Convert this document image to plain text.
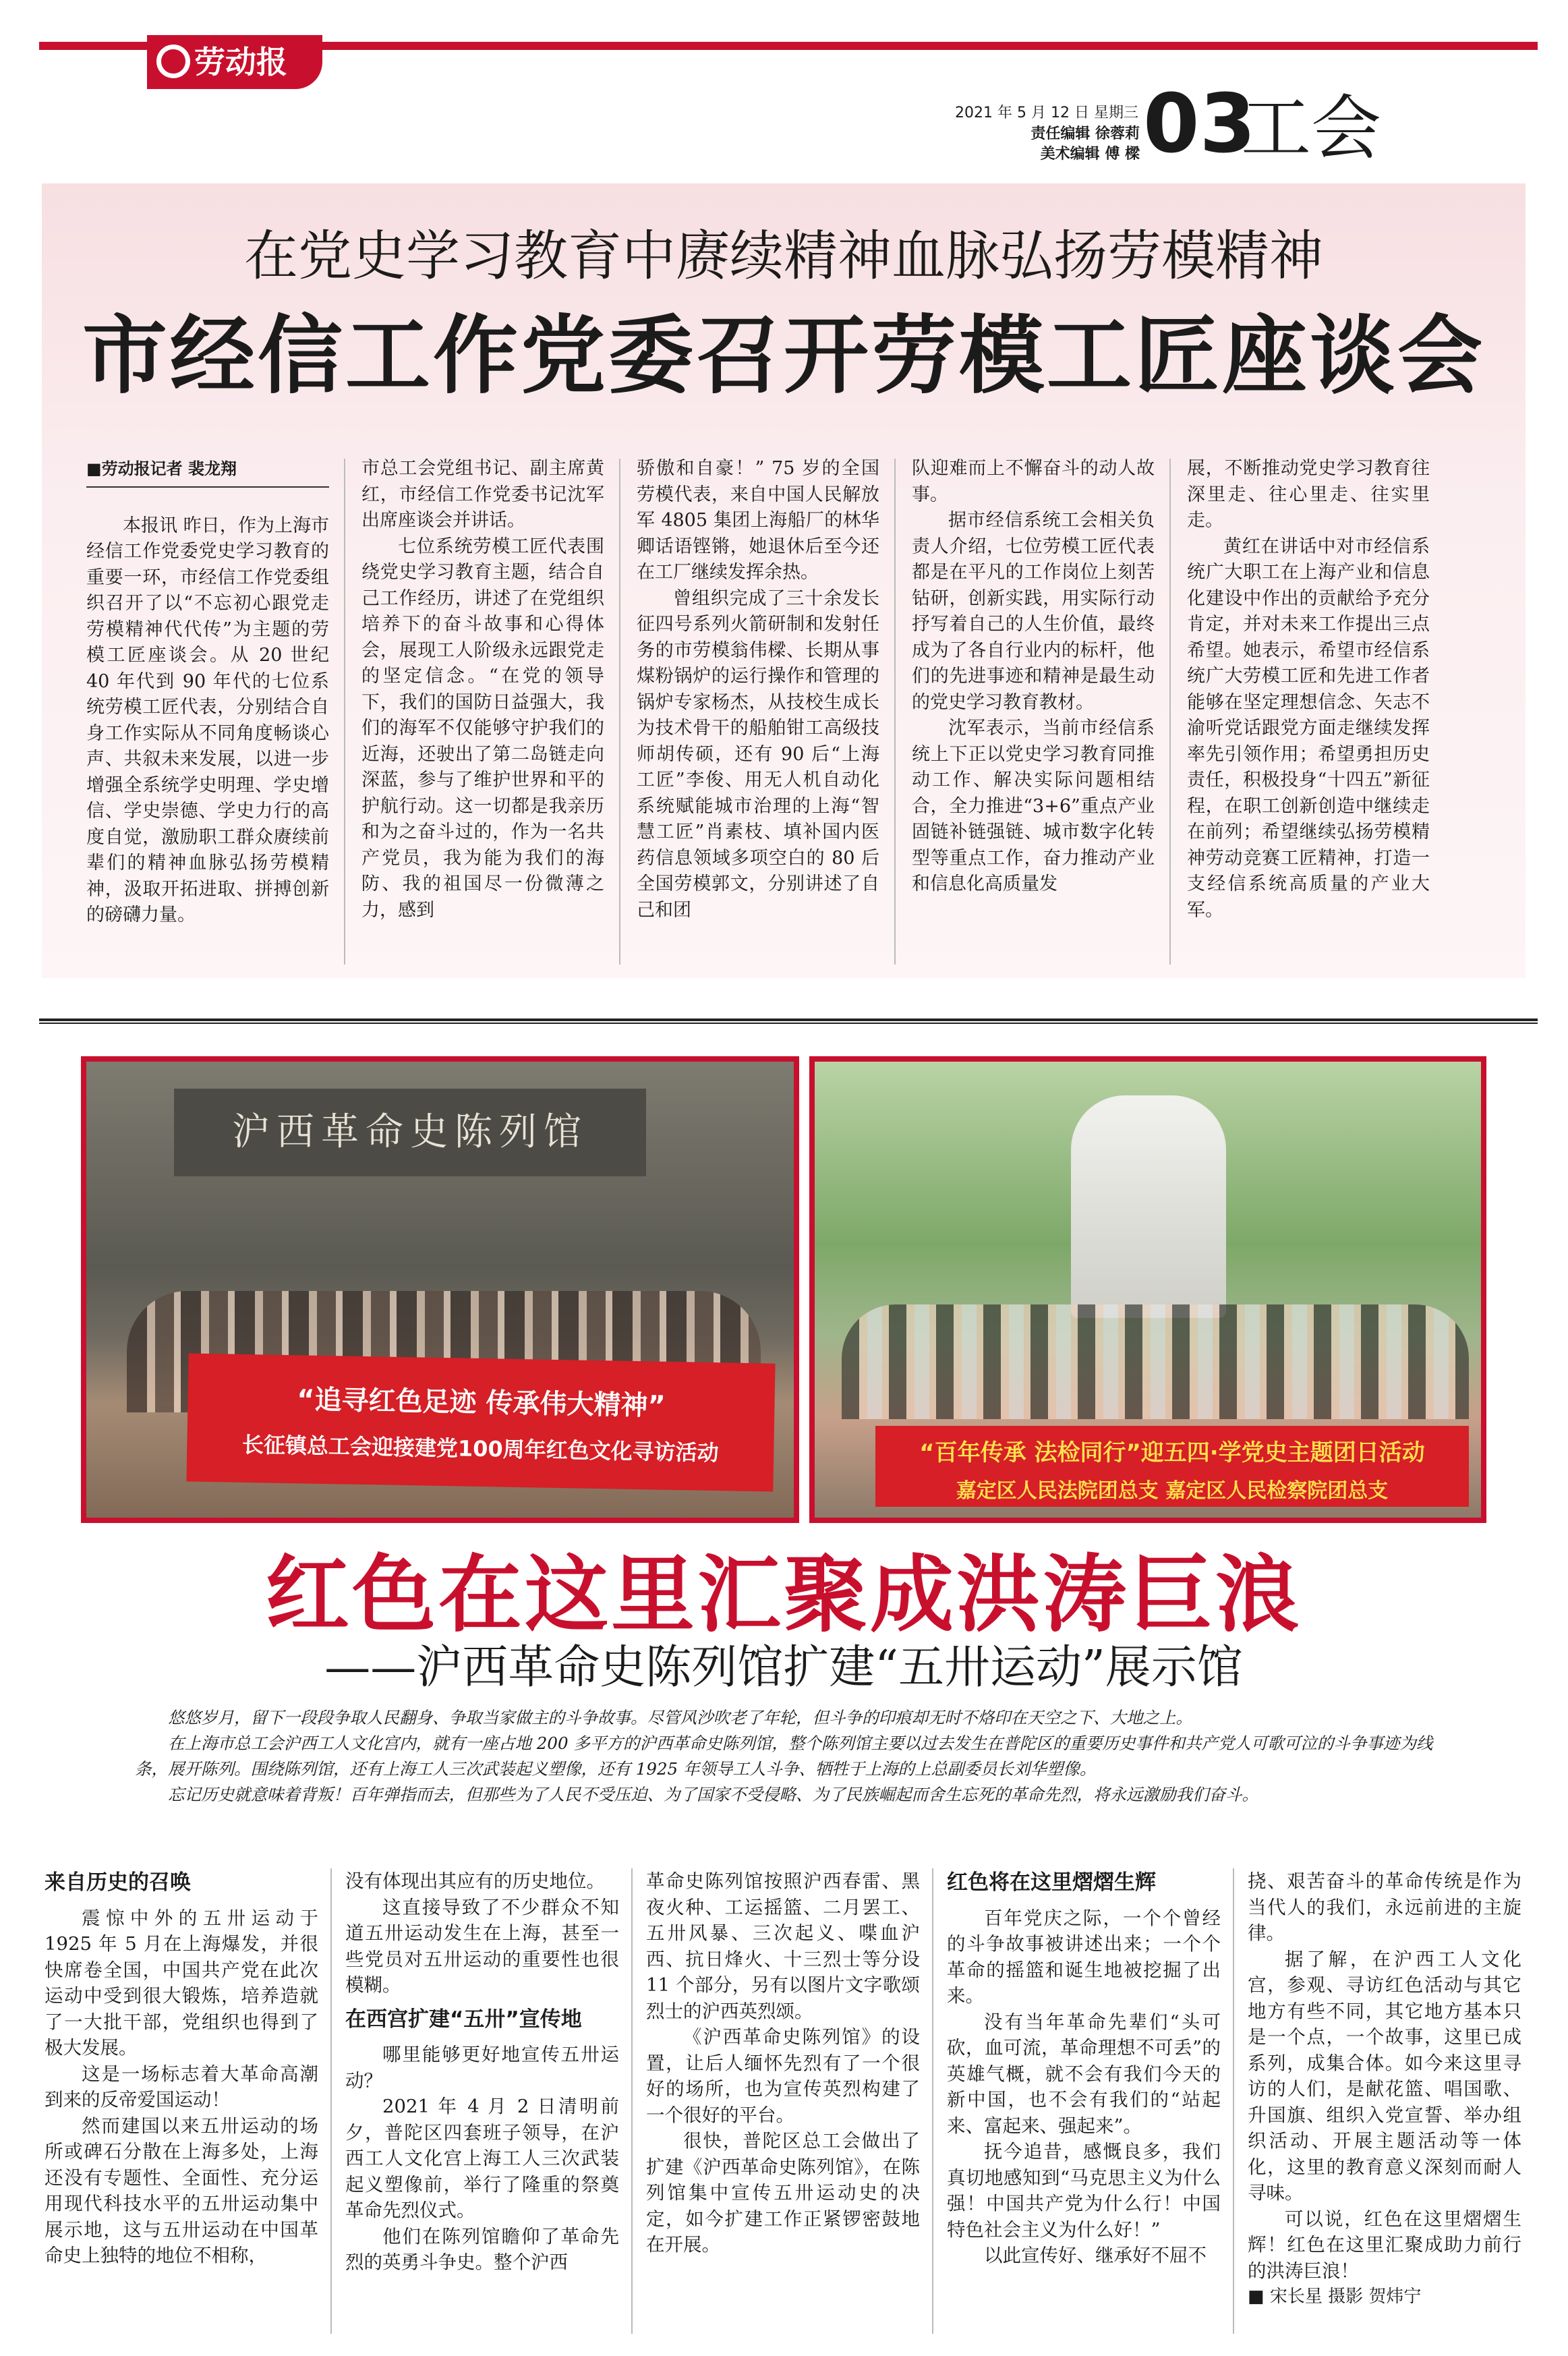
劳动报
2021 年 5 月 12 日 星期三
责任编辑 徐蓉莉
美术编辑 傅 樑 03
工会
在党史学习教育中赓续精神血脉弘扬劳模精神
市经信工作党委召开劳模工匠座谈会
■劳动报记者 裴龙翔

本报讯 昨日，作为上海市经信工作党委党史学习教育的重要一环，市经信工作党委组织召开了以“不忘初心跟党走 劳模精神代代传”为主题的劳模工匠座谈会。从 20 世纪 40 年代到 90 年代的七位系统劳模工匠代表，分别结合自身工作实际从不同角度畅谈心声、共叙未来发展，以进一步增强全系统学史明理、学史增信、学史崇德、学史力行的高度自觉，激励职工群众赓续前辈们的精神血脉弘扬劳模精神，汲取开拓进取、拼搏创新的磅礴力量。

市总工会党组书记、副主席黄红，市经信工作党委书记沈军出席座谈会并讲话。

七位系统劳模工匠代表围绕党史学习教育主题，结合自己工作经历，讲述了在党组织培养下的奋斗故事和心得体会，展现工人阶级永远跟党走的坚定信念。“在党的领导下，我们的国防日益强大，我们的海军不仅能够守护我们的近海，还驶出了第二岛链走向深蓝，参与了维护世界和平的护航行动。这一切都是我亲历和为之奋斗过的，作为一名共产党员，我为能为我们的海防、我的祖国尽一份微薄之力，感到

骄傲和自豪！” 75 岁的全国劳模代表，来自中国人民解放军 4805 集团上海船厂的林华卿话语铿锵，她退休后至今还在工厂继续发挥余热。

曾组织完成了三十余发长征四号系列火箭研制和发射任务的市劳模翁伟樑、长期从事煤粉锅炉的运行操作和管理的锅炉专家杨杰，从技校生成长为技术骨干的船舶钳工高级技师胡传硕，还有 90 后“上海工匠”李俊、用无人机自动化系统赋能城市治理的上海“智慧工匠”肖素枝、填补国内医药信息领域多项空白的 80 后全国劳模郭文，分别讲述了自己和团

队迎难而上不懈奋斗的动人故事。

据市经信系统工会相关负责人介绍，七位劳模工匠代表都是在平凡的工作岗位上刻苦钻研，创新实践，用实际行动抒写着自己的人生价值，最终成为了各自行业内的标杆，他们的先进事迹和精神是最生动的党史学习教育教材。

沈军表示，当前市经信系统上下正以党史学习教育同推动工作、解决实际问题相结合，全力推进“3+6”重点产业固链补链强链、城市数字化转型等重点工作，奋力推动产业和信息化高质量发

展，不断推动党史学习教育往深里走、往心里走、往实里走。

黄红在讲话中对市经信系统广大职工在上海产业和信息化建设中作出的贡献给予充分肯定，并对未来工作提出三点希望。她表示，希望市经信系统广大劳模工匠和先进工作者能够在坚定理想信念、矢志不渝听党话跟党方面走继续发挥率先引领作用；希望勇担历史责任，积极投身“十四五”新征程，在职工创新创造中继续走在前列；希望继续弘扬劳模精神劳动竞赛工匠精神，打造一支经信系统高质量的产业大军。

沪西革命史陈列馆
“追寻红色足迹 传承伟大精神”
长征镇总工会迎接建党100周年红色文化寻访活动	“百年传承 法检同行”迎五四·学党史主题团日活动
嘉定区人民法院团总支 嘉定区人民检察院团总支
红色在这里汇聚成洪涛巨浪
——沪西革命史陈列馆扩建“五卅运动”展示馆

悠悠岁月，留下一段段争取人民翻身、争取当家做主的斗争故事。尽管风沙吹老了年轮，但斗争的印痕却无时不烙印在天空之下、大地之上。

在上海市总工会沪西工人文化宫内，就有一座占地 200 多平方的沪西革命史陈列馆，整个陈列馆主要以过去发生在普陀区的重要历史事件和共产党人可歌可泣的斗争事迹为线条，展开陈列。围绕陈列馆，还有上海工人三次武装起义塑像，还有 1925 年领导工人斗争、牺牲于上海的上总副委员长刘华塑像。

忘记历史就意味着背叛！百年弹指而去，但那些为了人民不受压迫、为了国家不受侵略、为了民族崛起而舍生忘死的革命先烈，将永远激励我们奋斗。

来自历史的召唤

震惊中外的五卅运动于 1925 年 5 月在上海爆发，并很快席卷全国，中国共产党在此次运动中受到很大锻炼，培养造就了一大批干部，党组织也得到了极大发展。

这是一场标志着大革命高潮到来的反帝爱国运动！

然而建国以来五卅运动的场所或碑石分散在上海多处，上海还没有专题性、全面性、充分运用现代科技水平的五卅运动集中展示地，这与五卅运动在中国革命史上独特的地位不相称，

没有体现出其应有的历史地位。

这直接导致了不少群众不知道五卅运动发生在上海，甚至一些党员对五卅运动的重要性也很模糊。

在西宫扩建“五卅”宣传地

哪里能够更好地宣传五卅运动？

2021 年 4 月 2 日清明前夕，普陀区四套班子领导，在沪西工人文化宫上海工人三次武装起义塑像前，举行了隆重的祭奠革命先烈仪式。

他们在陈列馆瞻仰了革命先烈的英勇斗争史。整个沪西

革命史陈列馆按照沪西春雷、黑夜火种、工运摇篮、二月罢工、五卅风暴、三次起义、喋血沪西、抗日烽火、十三烈士等分设 11 个部分，另有以图片文字歌颂烈士的沪西英烈颂。

《沪西革命史陈列馆》的设置，让后人缅怀先烈有了一个很好的场所，也为宣传英烈构建了一个很好的平台。

很快，普陀区总工会做出了扩建《沪西革命史陈列馆》，在陈列馆集中宣传五卅运动史的决定，如今扩建工作正紧锣密鼓地在开展。

红色将在这里熠熠生辉

百年党庆之际，一个个曾经的斗争故事被讲述出来；一个个革命的摇篮和诞生地被挖掘了出来。

没有当年革命先辈们“头可砍，血可流，革命理想不可丢”的英雄气概，就不会有我们今天的新中国，也不会有我们的“站起来、富起来、强起来”。

抚今追昔，感慨良多，我们真切地感知到“马克思主义为什么强！中国共产党为什么行！中国特色社会主义为什么好！”

以此宣传好、继承好不屈不

挠、艰苦奋斗的革命传统是作为当代人的我们，永远前进的主旋律。

据了解，在沪西工人文化宫，参观、寻访红色活动与其它地方有些不同，其它地方基本只是一个点，一个故事，这里已成系列，成集合体。如今来这里寻访的人们，是献花篮、唱国歌、升国旗、组织入党宣誓、举办组织活动、开展主题活动等一体化，这里的教育意义深刻而耐人寻味。

可以说，红色在这里熠熠生辉！红色在这里汇聚成助力前行的洪涛巨浪！

■ 宋长星 摄影 贺炜宁
